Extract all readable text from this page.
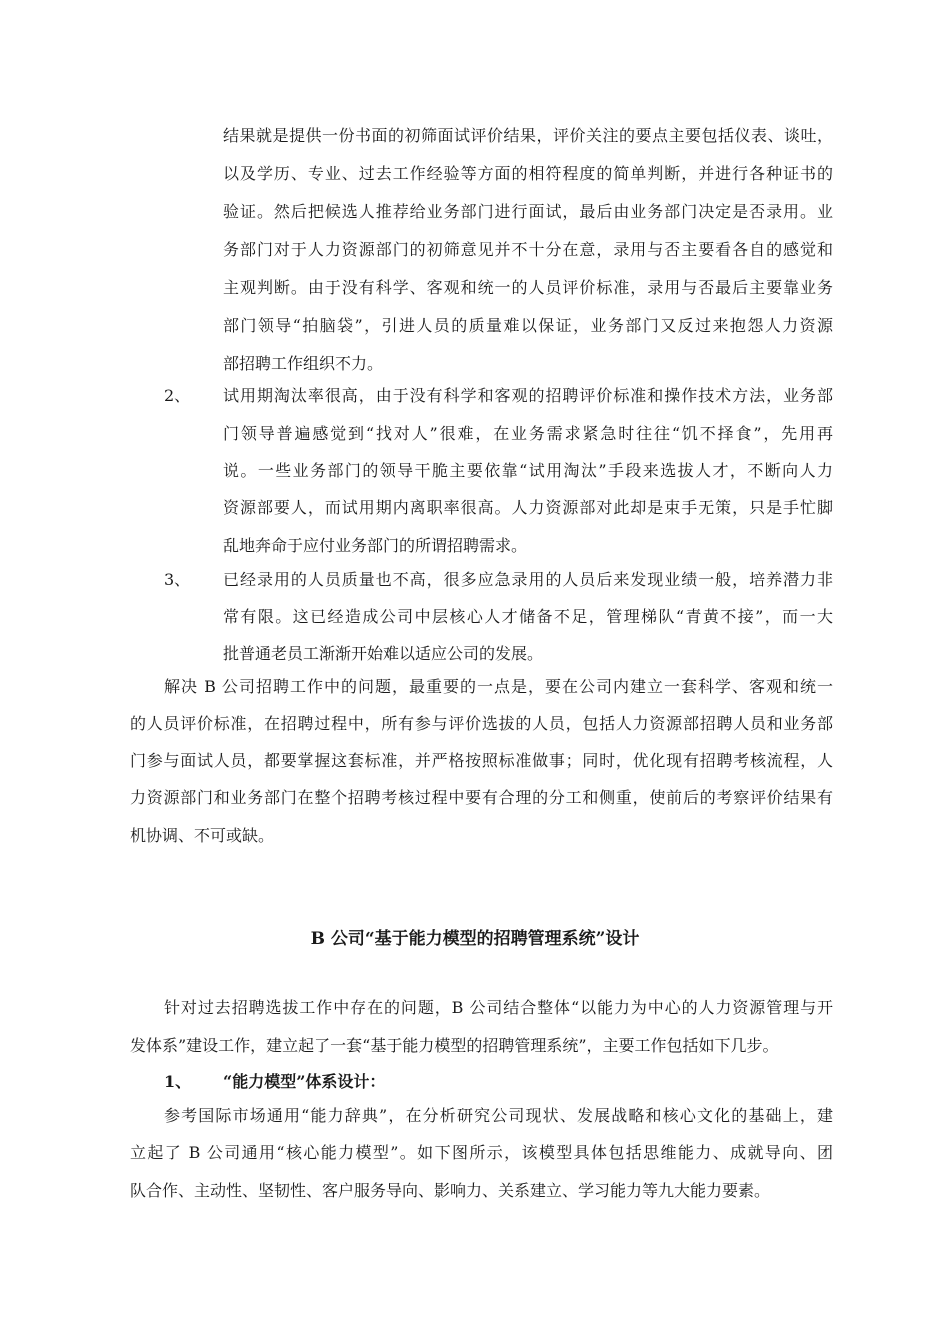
结果就是提供一份书面的初筛面试评价结果，评价关注的要点主要包括仪表、谈吐，
以及学历、专业、过去工作经验等方面的相符程度的简单判断，并进行各种证书的
验证。然后把候选人推荐给业务部门进行面试，最后由业务部门决定是否录用。业
务部门对于人力资源部门的初筛意见并不十分在意，录用与否主要看各自的感觉和
主观判断。由于没有科学、客观和统一的人员评价标准，录用与否最后主要靠业务
部门领导“拍脑袋”，引进人员的质量难以保证，业务部门又反过来抱怨人力资源
部招聘工作组织不力。
2、 试用期淘汰率很高，由于没有科学和客观的招聘评价标准和操作技术方法，业务部
门领导普遍感觉到“找对人”很难，在业务需求紧急时往往“饥不择食”，先用再
说。一些业务部门的领导干脆主要依靠“试用淘汰”手段来选拔人才，不断向人力
资源部要人，而试用期内离职率很高。人力资源部对此却是束手无策，只是手忙脚
乱地奔命于应付业务部门的所谓招聘需求。
3、 已经录用的人员质量也不高，很多应急录用的人员后来发现业绩一般，培养潜力非
常有限。这已经造成公司中层核心人才储备不足，管理梯队“青黄不接”，而一大
批普通老员工渐渐开始难以适应公司的发展。
解决 B 公司招聘工作中的问题，最重要的一点是，要在公司内建立一套科学、客观和统一
的人员评价标准，在招聘过程中，所有参与评价选拔的人员，包括人力资源部招聘人员和业务部
门参与面试人员，都要掌握这套标准，并严格按照标准做事；同时，优化现有招聘考核流程，人
力资源部门和业务部门在整个招聘考核过程中要有合理的分工和侧重，使前后的考察评价结果有
机协调、不可或缺。
B 公司“基于能力模型的招聘管理系统”设计
针对过去招聘选拔工作中存在的问题，B 公司结合整体“以能力为中心的人力资源管理与开
发体系”建设工作，建立起了一套“基于能力模型的招聘管理系统”，主要工作包括如下几步。
1、 “能力模型”体系设计：
参考国际市场通用“能力辞典”，在分析研究公司现状、发展战略和核心文化的基础上，建
立起了 B 公司通用“核心能力模型”。如下图所示，该模型具体包括思维能力、成就导向、团
队合作、主动性、坚韧性、客户服务导向、影响力、关系建立、学习能力等九大能力要素。
